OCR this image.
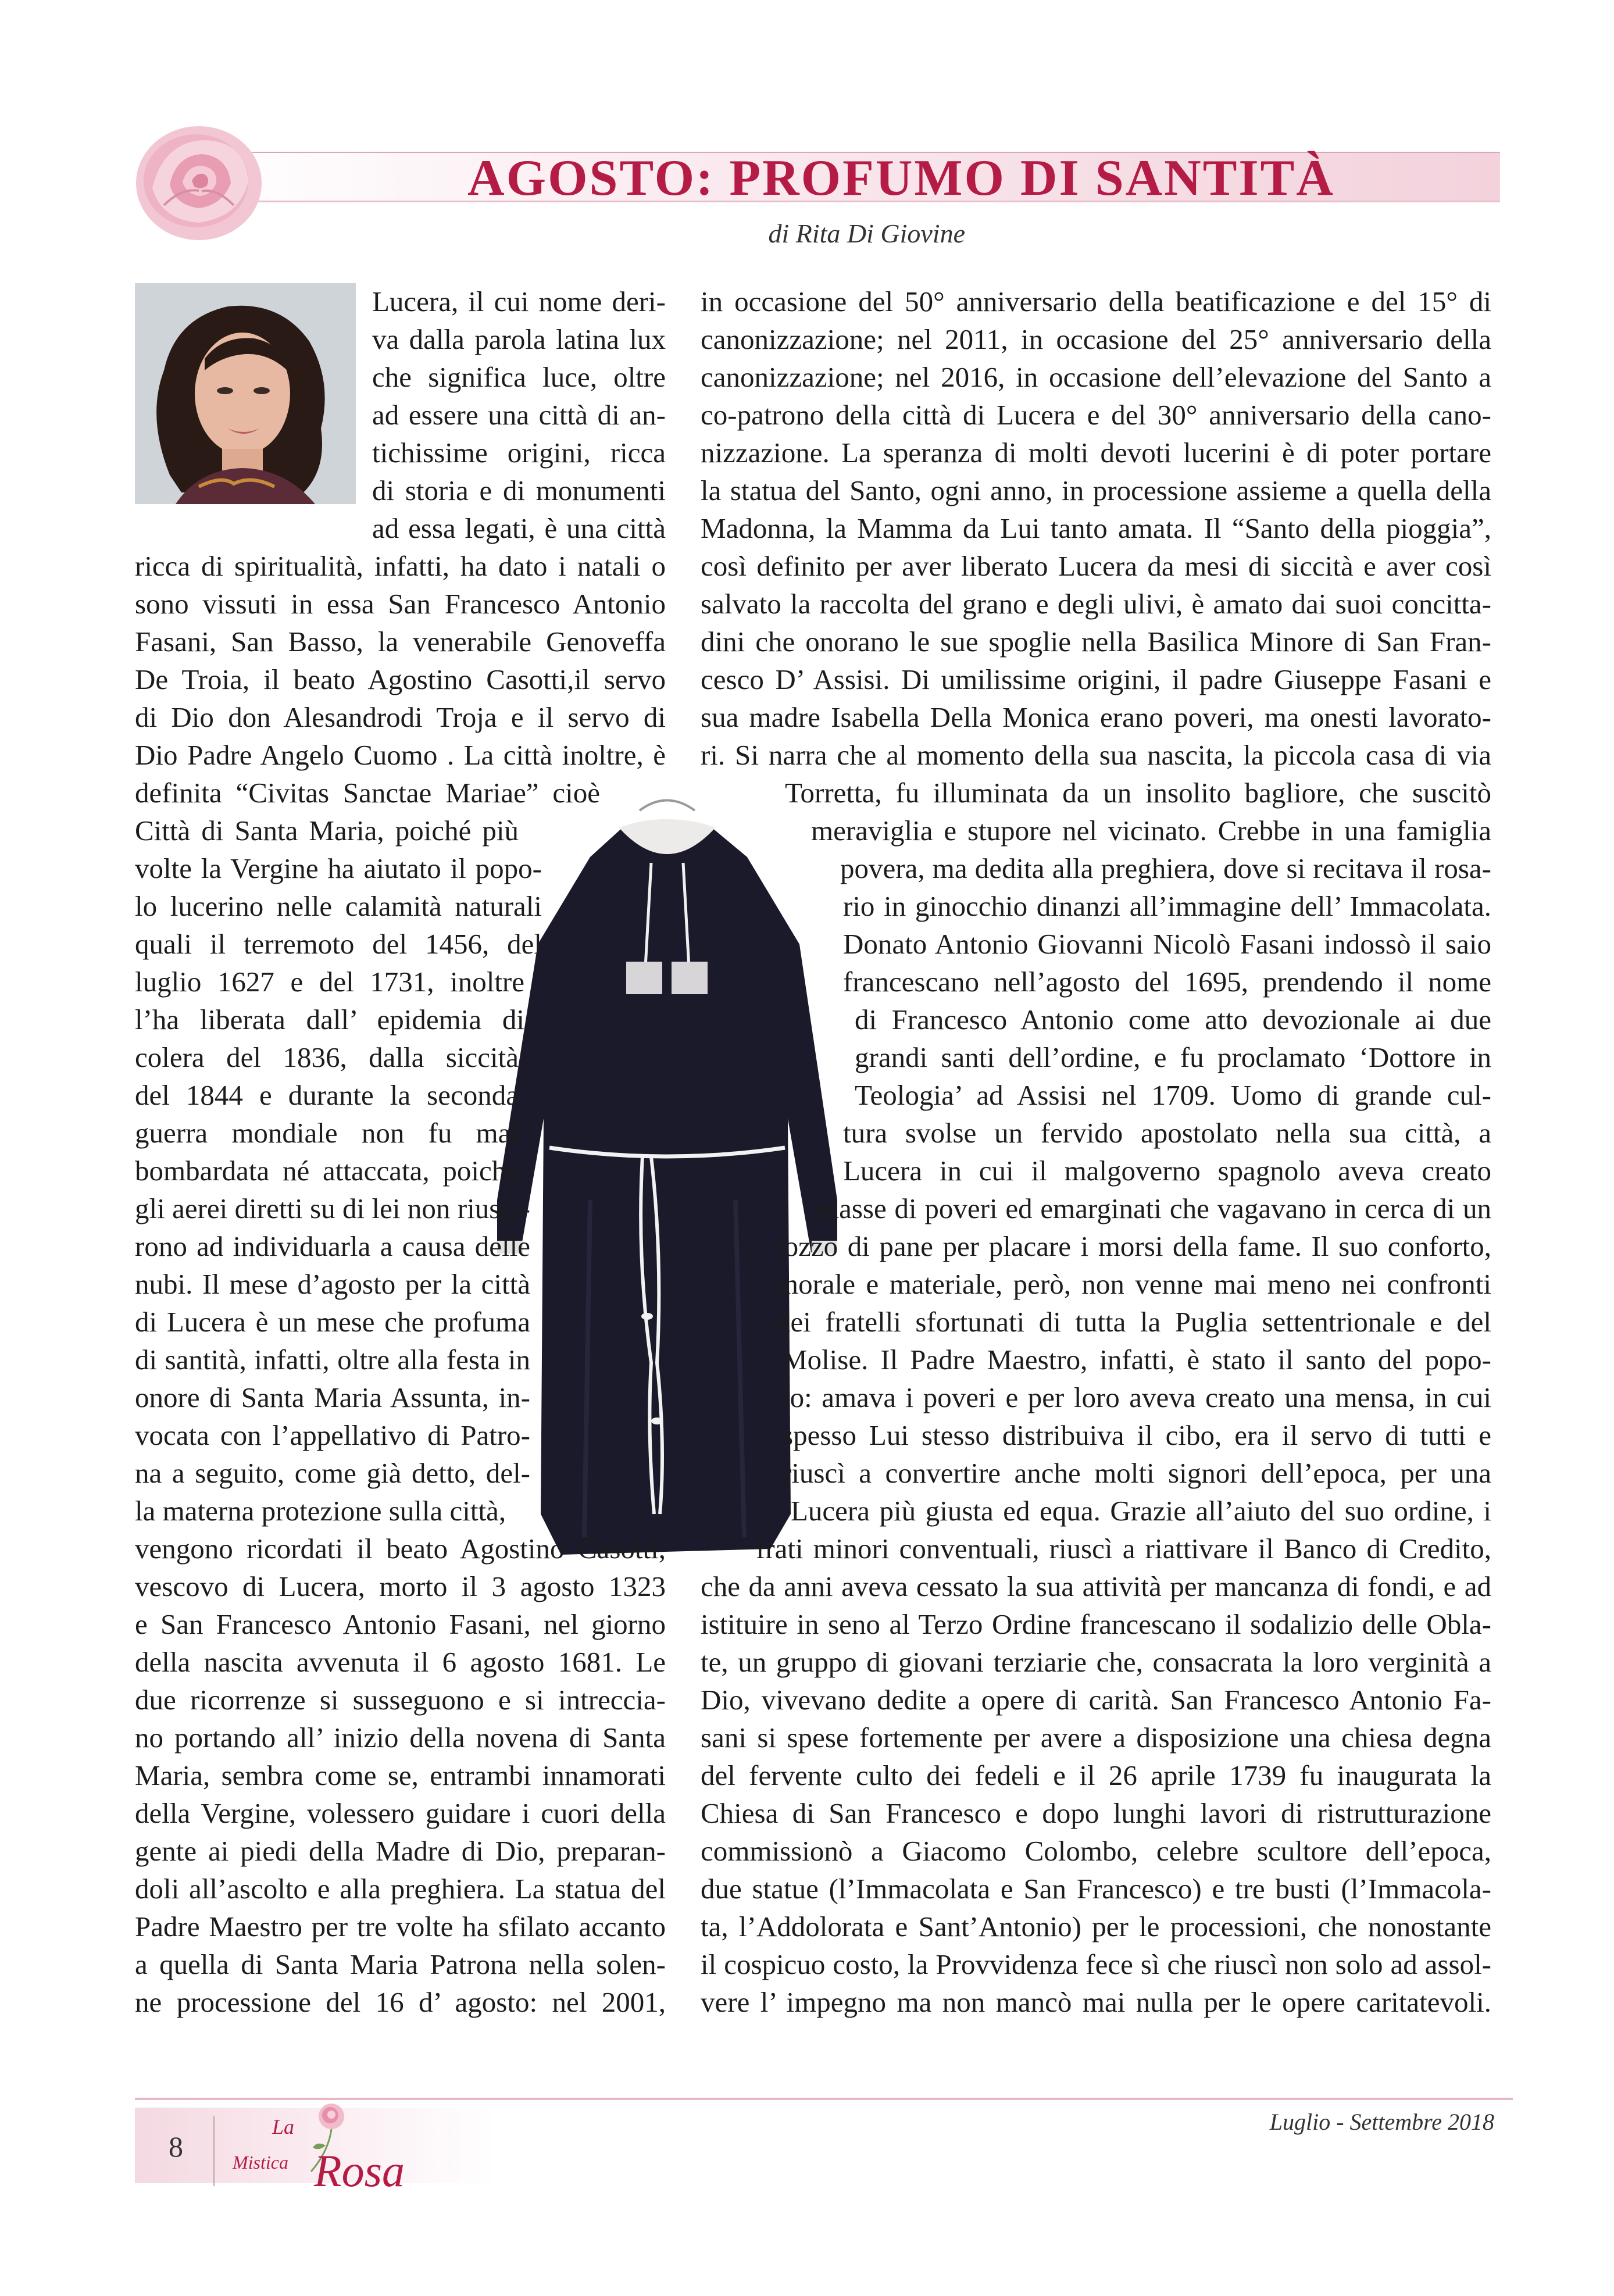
AGOSTO: PROFUMO DI SANTITÀ
di Rita Di Giovine
Lucera, il cui nome deri-
va dalla parola latina lux
che significa luce, oltre
ad essere una città di an-
tichissime origini, ricca
di storia e di monumenti
ad essa legati, è una città
ricca di spiritualità, infatti, ha dato i natali o
sono vissuti in essa San Francesco Antonio
Fasani, San Basso, la venerabile Genoveffa
De Troia, il beato Agostino Casotti,il servo
di Dio don Alesandrodi Troja e il servo di
Dio Padre Angelo Cuomo . La città inoltre, è
definita “Civitas Sanctae Mariae” cioè
Città di Santa Maria, poiché più
volte la Vergine ha aiutato il popo-
lo lucerino nelle calamità naturali
quali il terremoto del 1456, del
luglio 1627 e del 1731, inoltre
l’ha liberata dall’ epidemia di
colera del 1836, dalla siccità
del 1844 e durante la seconda
guerra mondiale non fu mai
bombardata né attaccata, poiché
gli aerei diretti su di lei non riusci-
rono ad individuarla a causa delle
nubi. Il mese d’agosto per la città
di Lucera è un mese che profuma
di santità, infatti, oltre alla festa in
onore di Santa Maria Assunta, in-
vocata con l’appellativo di Patro-
na a seguito, come già detto, del-
la materna protezione sulla città,
vengono ricordati il beato Agostino Casotti,
vescovo di Lucera, morto il 3 agosto 1323
e San Francesco Antonio Fasani, nel giorno
della nascita avvenuta il 6 agosto 1681. Le
due ricorrenze si susseguono e si intreccia-
no portando all’ inizio della novena di Santa
Maria, sembra come se, entrambi innamorati
della Vergine, volessero guidare i cuori della
gente ai piedi della Madre di Dio, preparan-
doli all’ascolto e alla preghiera. La statua del
Padre Maestro per tre volte ha sfilato accanto
a quella di Santa Maria Patrona nella solen-
ne processione del 16 d’ agosto: nel 2001,
in occasione del 50° anniversario della beatificazione e del 15° di
canonizzazione; nel 2011, in occasione del 25° anniversario della
canonizzazione; nel 2016, in occasione dell’elevazione del Santo a
co-patrono della città di Lucera e del 30° anniversario della cano-
nizzazione. La speranza di molti devoti lucerini è di poter portare
la statua del Santo, ogni anno, in processione assieme a quella della
Madonna, la Mamma da Lui tanto amata. Il “Santo della pioggia”,
così definito per aver liberato Lucera da mesi di siccità e aver così
salvato la raccolta del grano e degli ulivi, è amato dai suoi concitta-
dini che onorano le sue spoglie nella Basilica Minore di San Fran-
cesco D’ Assisi. Di umilissime origini, il padre Giuseppe Fasani e
sua madre Isabella Della Monica erano poveri, ma onesti lavorato-
ri. Si narra che al momento della sua nascita, la piccola casa di via
Torretta, fu illuminata da un insolito bagliore, che suscitò
meraviglia e stupore nel vicinato. Crebbe in una famiglia
povera, ma dedita alla preghiera, dove si recitava il rosa-
rio in ginocchio dinanzi all’immagine dell’ Immacolata.
Donato Antonio Giovanni Nicolò Fasani indossò il saio
francescano nell’agosto del 1695, prendendo il nome
di Francesco Antonio come atto devozionale ai due
grandi santi dell’ordine, e fu proclamato ‘Dottore in
Teologia’ ad Assisi nel 1709. Uomo di grande cul-
tura svolse un fervido apostolato nella sua città, a
Lucera in cui il malgoverno spagnolo aveva creato
masse di poveri ed emarginati che vagavano in cerca di un
tozzo di pane per placare i morsi della fame. Il suo conforto,
morale e materiale, però, non venne mai meno nei confronti
dei fratelli sfortunati di tutta la Puglia settentrionale e del
Molise. Il Padre Maestro, infatti, è stato il santo del popo-
lo: amava i poveri e per loro aveva creato una mensa, in cui
spesso Lui stesso distribuiva il cibo, era il servo di tutti e
riuscì a convertire anche molti signori dell’epoca, per una
Lucera più giusta ed equa. Grazie all’aiuto del suo ordine, i
frati minori conventuali, riuscì a riattivare il Banco di Credito,
che da anni aveva cessato la sua attività per mancanza di fondi, e ad
istituire in seno al Terzo Ordine francescano il sodalizio delle Obla-
te, un gruppo di giovani terziarie che, consacrata la loro verginità a
Dio, vivevano dedite a opere di carità. San Francesco Antonio Fa-
sani si spese fortemente per avere a disposizione una chiesa degna
del fervente culto dei fedeli e il 26 aprile 1739 fu inaugurata la
Chiesa di San Francesco e dopo lunghi lavori di ristrutturazione
commissionò a Giacomo Colombo, celebre scultore dell’epoca,
due statue (l’Immacolata e San Francesco) e tre busti (l’Immacola-
ta, l’Addolorata e Sant’Antonio) per le processioni, che nonostante
il cospicuo costo, la Provvidenza fece sì che riuscì non solo ad assol-
vere l’ impegno ma non mancò mai nulla per le opere caritatevoli.
8
La
Mistica Rosa
Luglio - Settembre 2018
